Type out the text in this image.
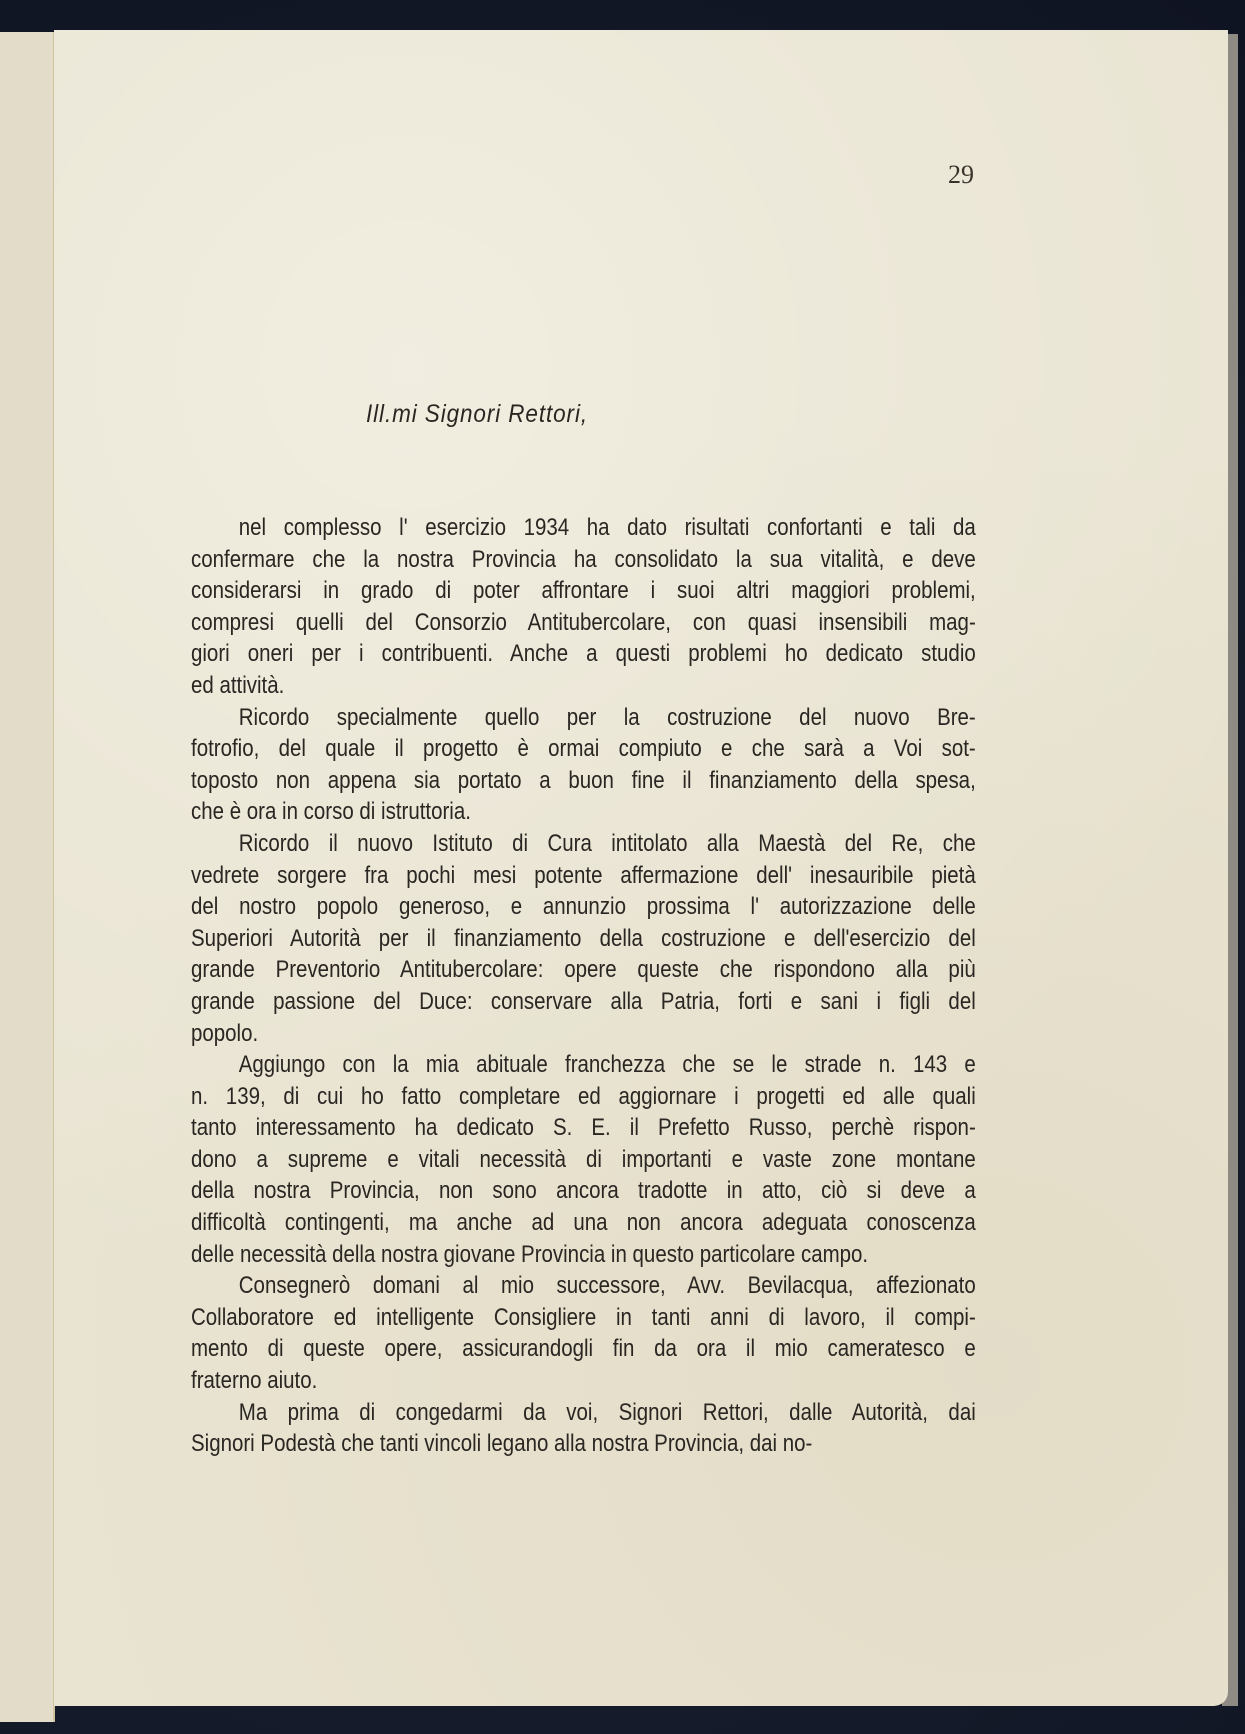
29
Ill.mi Signori Rettori,
nel complesso l' esercizio 1934 ha dato risultati confortanti e tali da
confermare che la nostra Provincia ha consolidato la sua vitalità, e deve
considerarsi in grado di poter affrontare i suoi altri maggiori problemi,
compresi quelli del Consorzio Antitubercolare, con quasi insensibili mag-
giori oneri per i contribuenti. Anche a questi problemi ho dedicato studio
ed attività.
Ricordo specialmente quello per la costruzione del nuovo Bre-
fotrofio, del quale il progetto è ormai compiuto e che sarà a Voi sot-
toposto non appena sia portato a buon fine il finanziamento della spesa,
che è ora in corso di istruttoria.
Ricordo il nuovo Istituto di Cura intitolato alla Maestà del Re, che
vedrete sorgere fra pochi mesi potente affermazione dell' inesauribile pietà
del nostro popolo generoso, e annunzio prossima l' autorizzazione delle
Superiori Autorità per il finanziamento della costruzione e dell'esercizio del
grande Preventorio Antitubercolare: opere queste che rispondono alla più
grande passione del Duce: conservare alla Patria, forti e sani i figli del
popolo.
Aggiungo con la mia abituale franchezza che se le strade n. 143 e
n. 139, di cui ho fatto completare ed aggiornare i progetti ed alle quali
tanto interessamento ha dedicato S. E. il Prefetto Russo, perchè rispon-
dono a supreme e vitali necessità di importanti e vaste zone montane
della nostra Provincia, non sono ancora tradotte in atto, ciò si deve a
difficoltà contingenti, ma anche ad una non ancora adeguata conoscenza
delle necessità della nostra giovane Provincia in questo particolare campo.
Consegnerò domani al mio successore, Avv. Bevilacqua, affezionato
Collaboratore ed intelligente Consigliere in tanti anni di lavoro, il compi-
mento di queste opere, assicurandogli fin da ora il mio cameratesco e
fraterno aiuto.
Ma prima di congedarmi da voi, Signori Rettori, dalle Autorità, dai
Signori Podestà che tanti vincoli legano alla nostra Provincia, dai no-
